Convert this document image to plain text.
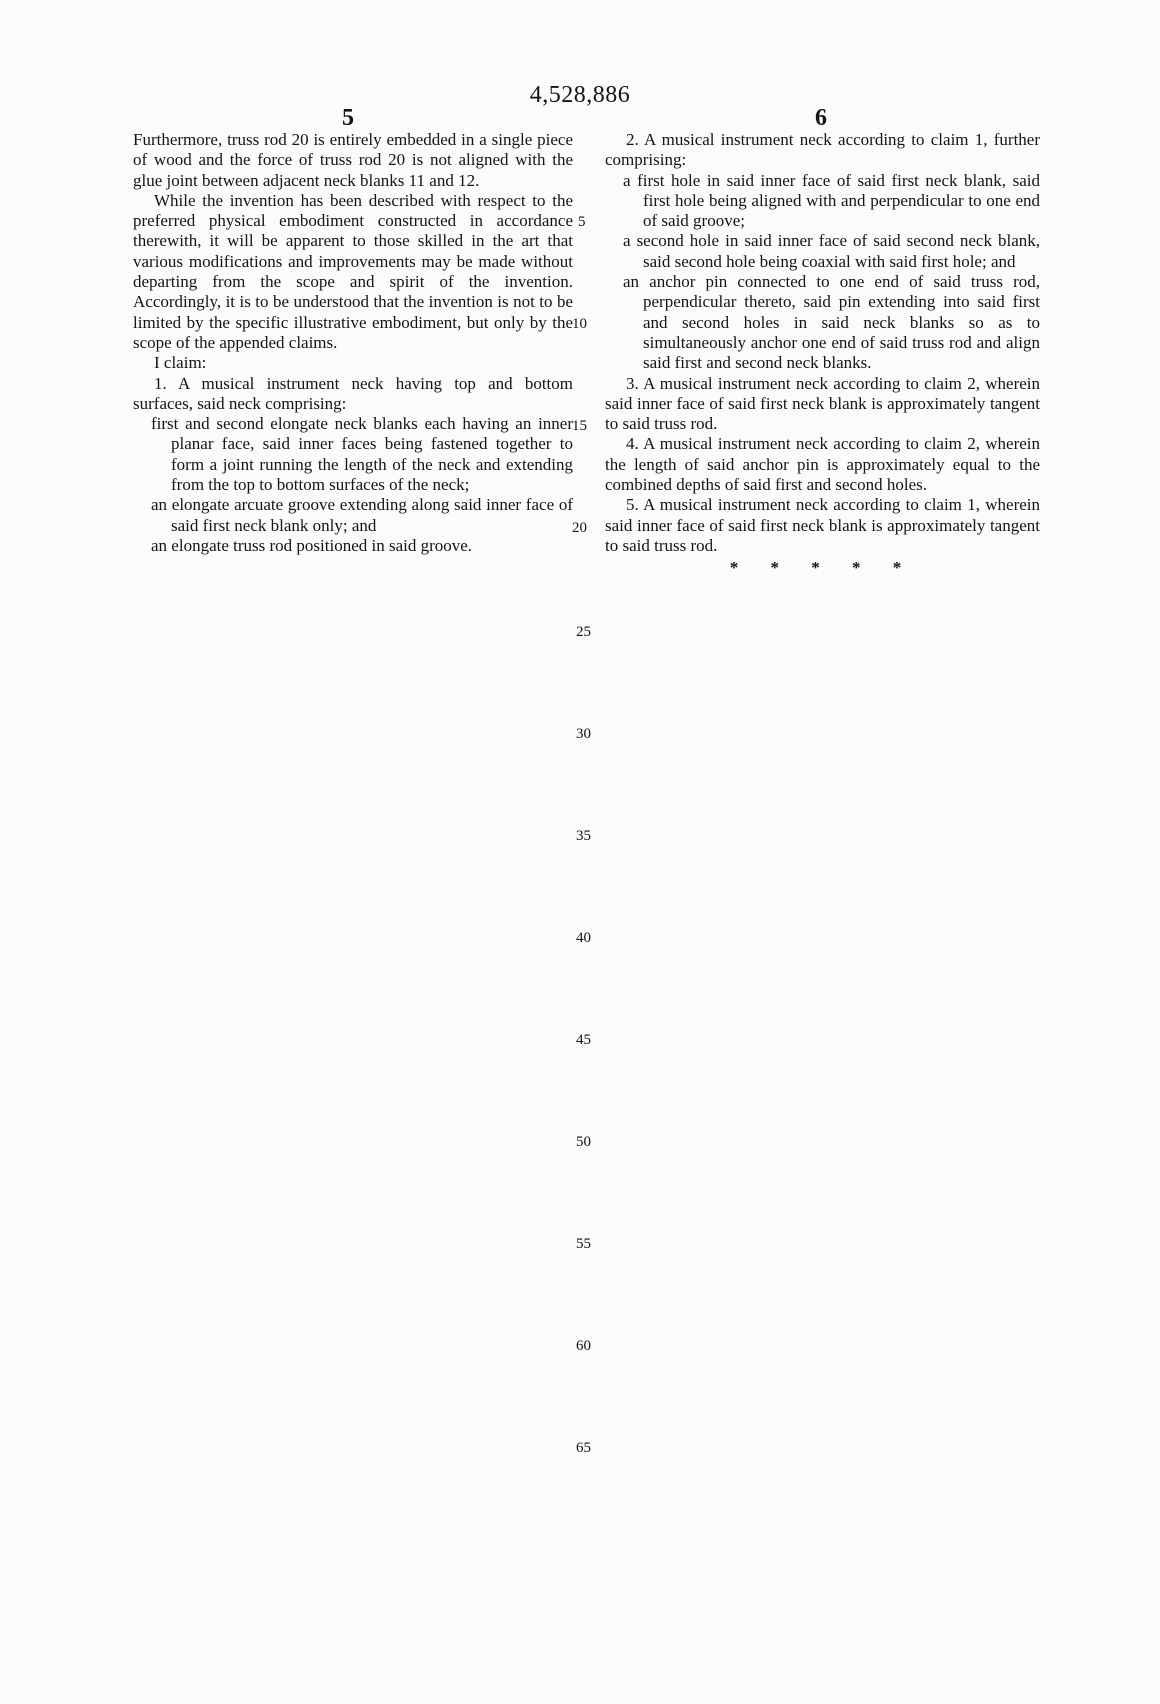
4,528,886
5	6

Furthermore, truss rod 20 is entirely embedded in a single piece of wood and the force of truss rod 20 is not aligned with the glue joint between adjacent neck blanks 11 and 12.

While the invention has been described with respect to the preferred physical embodiment constructed in accordance therewith, it will be apparent to those skilled in the art that various modifications and improvements may be made without departing from the scope and spirit of the invention. Accordingly, it is to be understood that the invention is not to be limited by the specific illustrative embodiment, but only by the scope of the appended claims.

I claim:

1. A musical instrument neck having top and bottom surfaces, said neck comprising:

first and second elongate neck blanks each having an inner planar face, said inner faces being fastened together to form a joint running the length of the neck and extending from the top to bottom surfaces of the neck;

an elongate arcuate groove extending along said inner face of said first neck blank only; and

an elongate truss rod positioned in said groove.

2. A musical instrument neck according to claim 1, further comprising:

a first hole in said inner face of said first neck blank, said first hole being aligned with and perpendicular to one end of said groove;

a second hole in said inner face of said second neck blank, said second hole being coaxial with said first hole; and

an anchor pin connected to one end of said truss rod, perpendicular thereto, said pin extending into said first and second holes in said neck blanks so as to simultaneously anchor one end of said truss rod and align said first and second neck blanks.

3. A musical instrument neck according to claim 2, wherein said inner face of said first neck blank is approximately tangent to said truss rod.

4. A musical instrument neck according to claim 2, wherein the length of said anchor pin is approximately equal to the combined depths of said first and second holes.

5. A musical instrument neck according to claim 1, wherein said inner face of said first neck blank is approximately tangent to said truss rod.

* * * * *
5
10
15
20
25
30
35
40
45
50
55
60
65
